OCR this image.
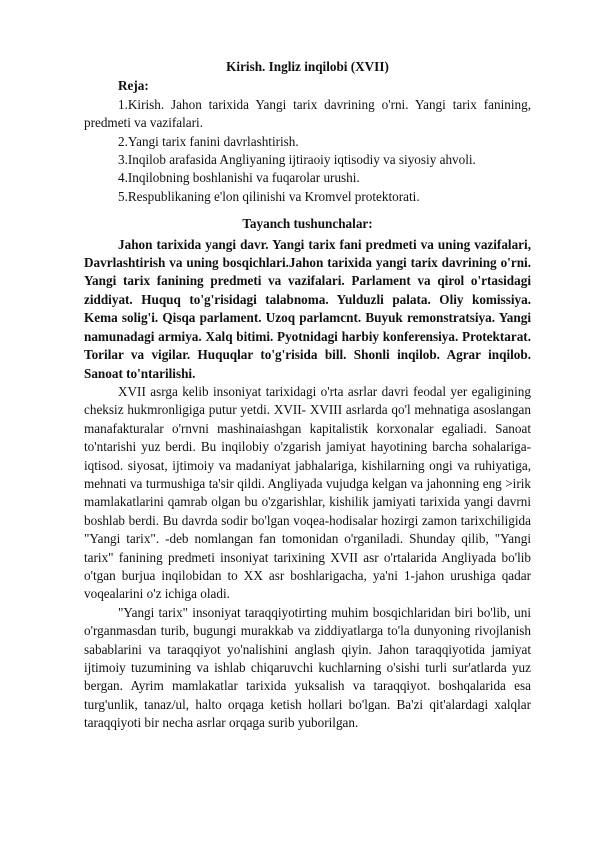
Kirish. Ingliz inqilobi (XVII)
Reja:
1.Kirish. Jahon tarixida Yangi tarix davrining o'rni. Yangi tarix fanining, predmeti va vazifalari.
2.Yangi tarix fanini davrlashtirish.
3.Inqilob arafasida Angliyaning ijtiraoiy iqtisodiy va siyosiy ahvoli.
4.Inqilobning boshlanishi va fuqarolar urushi.
5.Respublikaning e'lon qilinishi va Kromvel protektorati.
Tayanch tushunchalar:

Jahon tarixida yangi davr. Yangi tarix fani predmeti va uning vazifalari, Davrlashtirish va uning bosqichlari.Jahon tarixida yangi tarix davrining o'rni. Yangi tarix fanining predmeti va vazifalari. Parlament va qirol o'rtasidagi ziddiyat. Huquq to'g'risidagi talabnoma. Yulduzli palata. Oliy komissiya. Kema solig'i. Qisqa parlament. Uzoq parlamcnt. Buyuk remonstratsiya. Yangi namunadagi armiya. Xalq bitimi. Pyotnidagi harbiy konferensiya. Protektarat. Torilar va vigilar. Huquqlar to'g'risida bill. Shonli inqilob. Agrar inqilob. Sanoat to'ntarilishi.

XVII asrga kelib insoniyat tarixidagi o'rta asrlar davri feodal yer egaligining cheksiz hukmronligiga putur yetdi. XVII- XVIII asrlarda qo'l mehnatiga asoslangan manafakturalar o'rnvni mashinaiashgan kapitalistik korxonalar egaliadi. Sanoat to'ntarishi yuz berdi. Bu inqilobiy o'zgarish jamiyat hayotining barcha sohalariga-iqtisod. siyosat, ijtimoiy va madaniyat jabhalariga, kishilarning ongi va ruhiyatiga, mehnati va turmushiga ta'sir qildi. Angliyada vujudga kelgan va jahonning eng >irik mamlakatlarini qamrab olgan bu o'zgarishlar, kishilik jamiyati tarixida yangi davrni boshlab berdi. Bu davrda sodir bo'lgan voqea-hodisalar hozirgi zamon tarixchiligida "Yangi tarix". -deb nomlangan fan tomonidan o'rganiladi. Shunday qilib, "Yangi tarix" fanining predmeti insoniyat tarixining XVII asr o'rtalarida Angliyada bo'lib o'tgan burjua inqilobidan to XX asr boshlarigacha, ya'ni 1-jahon urushiga qadar voqealarini o'z ichiga oladi.

"Yangi tarix" insoniyat taraqqiyotirting muhim bosqichlaridan biri bo'lib, uni o'rganmasdan turib, bugungi murakkab va ziddiyatlarga to'la dunyoning rivojlanish sabablarini va taraqqiyot yo'nalishini anglash qiyin. Jahon taraqqiyotida jamiyat ijtimoiy tuzumining va ishlab chiqaruvchi kuchlarning o'sishi turli sur'atlarda yuz bergan. Ayrim mamlakatlar tarixida yuksalish va taraqqiyot. boshqalarida esa turg'unlik, tanaz/ul, halto orqaga ketish hollari bo'lgan. Ba'zi qit'alardagi xalqlar taraqqiyoti bir necha asrlar orqaga surib yuborilgan.
